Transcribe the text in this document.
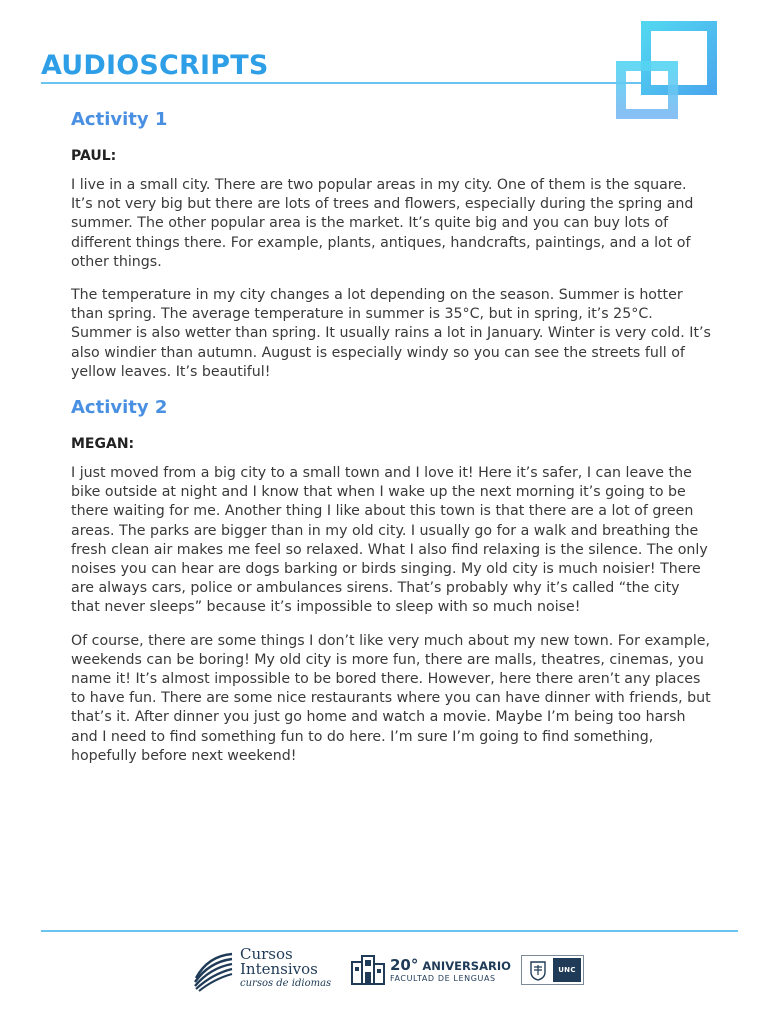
AUDIOSCRIPTS
Activity 1
PAUL:

I live in a small city. There are two popular areas in my city. One of them is the square. It’s not very big but there are lots of trees and flowers, especially during the spring and summer. The other popular area is the market. It’s quite big and you can buy lots of different things there. For example, plants, antiques, handcrafts, paintings, and a lot of other things.

The temperature in my city changes a lot depending on the season. Summer is hotter than spring. The average temperature in summer is 35°C, but in spring, it’s 25°C. Summer is also wetter than spring. It usually rains a lot in January. Winter is very cold. It’s also windier than autumn. August is especially windy so you can see the streets full of yellow leaves. It’s beautiful!

Activity 2
MEGAN:

I just moved from a big city to a small town and I love it! Here it’s safer, I can leave the bike outside at night and I know that when I wake up the next morning it’s going to be there waiting for me. Another thing I like about this town is that there are a lot of green areas. The parks are bigger than in my old city. I usually go for a walk and breathing the fresh clean air makes me feel so relaxed. What I also find relaxing is the silence. The only noises you can hear are dogs barking or birds singing. My old city is much noisier! There are always cars, police or ambulances sirens. That’s probably why it’s called “the city that never sleeps” because it’s impossible to sleep with so much noise!

Of course, there are some things I don’t like very much about my new town. For example, weekends can be boring! My old city is more fun, there are malls, theatres, cinemas, you name it! It’s almost impossible to be bored there. However, here there aren’t any places to have fun. There are some nice restaurants where you can have dinner with friends, but that’s it. After dinner you just go home and watch a movie. Maybe I’m being too harsh and I need to find something fun to do here. I’m sure I’m going to find something, hopefully before next weekend!

Cursos
Intensivos
cursos de idiomas
20° ANIVERSARIO
FACULTAD DE LENGUAS
UNC
